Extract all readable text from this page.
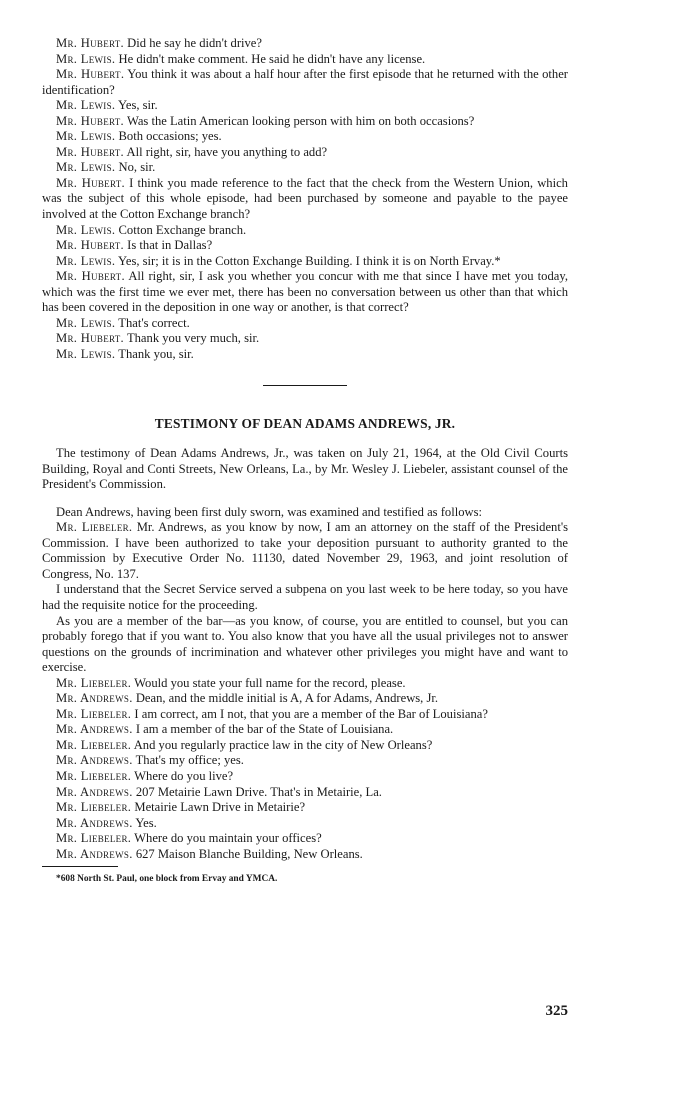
Mr. Hubert. Did he say he didn't drive?

Mr. Lewis. He didn't make comment. He said he didn't have any license.

Mr. Hubert. You think it was about a half hour after the first episode that he returned with the other identification?

Mr. Lewis. Yes, sir.

Mr. Hubert. Was the Latin American looking person with him on both occasions?

Mr. Lewis. Both occasions; yes.

Mr. Hubert. All right, sir, have you anything to add?

Mr. Lewis. No, sir.

Mr. Hubert. I think you made reference to the fact that the check from the Western Union, which was the subject of this whole episode, had been purchased by someone and payable to the payee involved at the Cotton Exchange branch?

Mr. Lewis. Cotton Exchange branch.

Mr. Hubert. Is that in Dallas?

Mr. Lewis. Yes, sir; it is in the Cotton Exchange Building. I think it is on North Ervay.*

Mr. Hubert. All right, sir, I ask you whether you concur with me that since I have met you today, which was the first time we ever met, there has been no conversation between us other than that which has been covered in the deposition in one way or another, is that correct?

Mr. Lewis. That's correct.

Mr. Hubert. Thank you very much, sir.

Mr. Lewis. Thank you, sir.

TESTIMONY OF DEAN ADAMS ANDREWS, JR.

The testimony of Dean Adams Andrews, Jr., was taken on July 21, 1964, at the Old Civil Courts Building, Royal and Conti Streets, New Orleans, La., by Mr. Wesley J. Liebeler, assistant counsel of the President's Commission.

Dean Andrews, having been first duly sworn, was examined and testified as follows:

Mr. Liebeler. Mr. Andrews, as you know by now, I am an attorney on the staff of the President's Commission. I have been authorized to take your deposition pursuant to authority granted to the Commission by Executive Order No. 11130, dated November 29, 1963, and joint resolution of Congress, No. 137.

I understand that the Secret Service served a subpena on you last week to be here today, so you have had the requisite notice for the proceeding.

As you are a member of the bar—as you know, of course, you are entitled to counsel, but you can probably forego that if you want to. You also know that you have all the usual privileges not to answer questions on the grounds of incrimination and whatever other privileges you might have and want to exercise.

Mr. Liebeler. Would you state your full name for the record, please.

Mr. Andrews. Dean, and the middle initial is A, A for Adams, Andrews, Jr.

Mr. Liebeler. I am correct, am I not, that you are a member of the Bar of Louisiana?

Mr. Andrews. I am a member of the bar of the State of Louisiana.

Mr. Liebeler. And you regularly practice law in the city of New Orleans?

Mr. Andrews. That's my office; yes.

Mr. Liebeler. Where do you live?

Mr. Andrews. 207 Metairie Lawn Drive. That's in Metairie, La.

Mr. Liebeler. Metairie Lawn Drive in Metairie?

Mr. Andrews. Yes.

Mr. Liebeler. Where do you maintain your offices?

Mr. Andrews. 627 Maison Blanche Building, New Orleans.

*608 North St. Paul, one block from Ervay and YMCA.
325
